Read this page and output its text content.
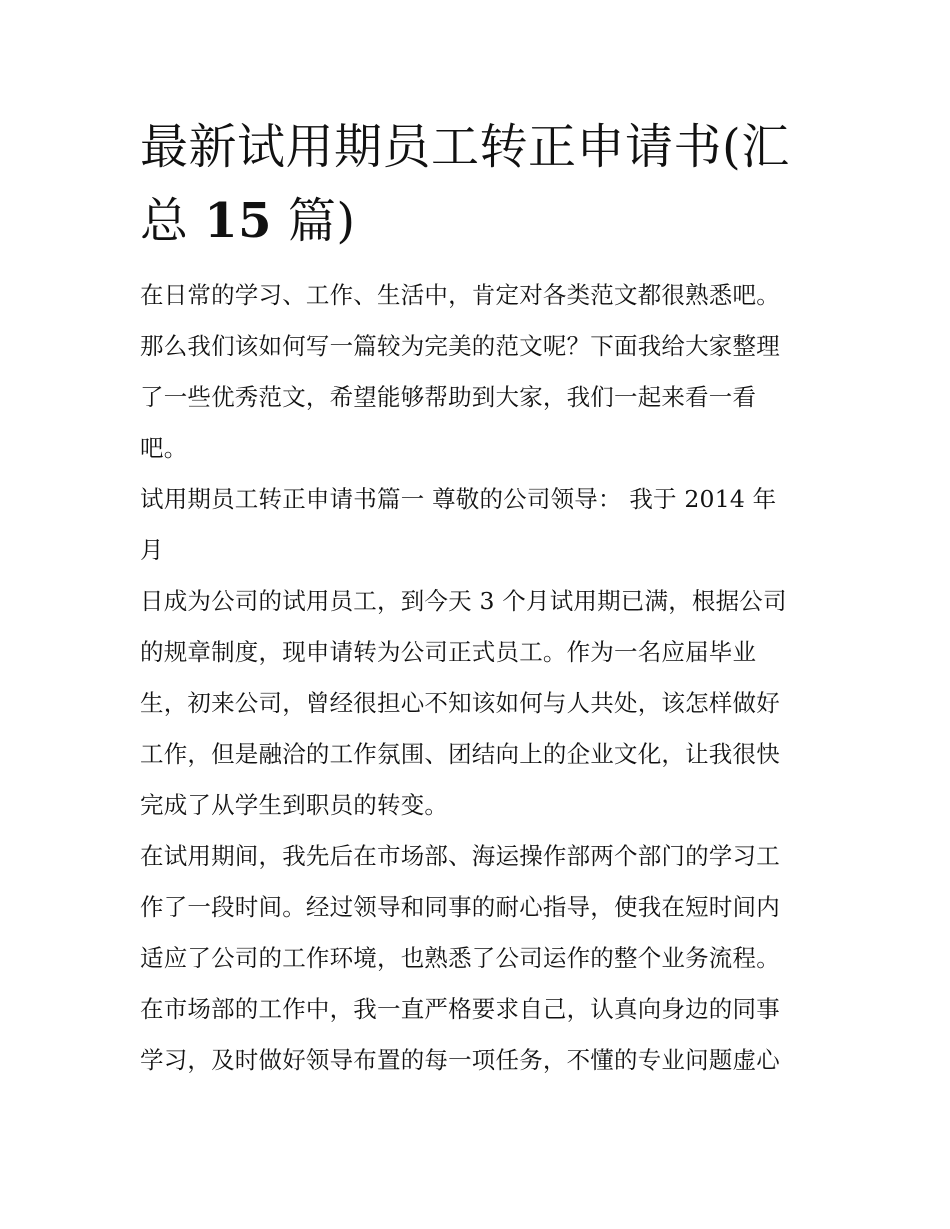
最新试用期员工转正申请书(汇
总 15 篇)

在日常的学习、工作、生活中，肯定对各类范文都很熟悉吧。
那么我们该如何写一篇较为完美的范文呢？下面我给大家整理
了一些优秀范文，希望能够帮助到大家，我们一起来看一看
吧。

试用期员工转正申请书篇一 尊敬的公司领导： 我于 2014 年
月

日成为公司的试用员工，到今天 3 个月试用期已满，根据公司
的规章制度，现申请转为公司正式员工。作为一名应届毕业
生，初来公司，曾经很担心不知该如何与人共处，该怎样做好
工作，但是融洽的工作氛围、团结向上的企业文化，让我很快
完成了从学生到职员的转变。

在试用期间，我先后在市场部、海运操作部两个部门的学习工
作了一段时间。经过领导和同事的耐心指导，使我在短时间内
适应了公司的工作环境，也熟悉了公司运作的整个业务流程。
在市场部的工作中，我一直严格要求自己，认真向身边的同事
学习，及时做好领导布置的每一项任务，不懂的专业问题虚心
